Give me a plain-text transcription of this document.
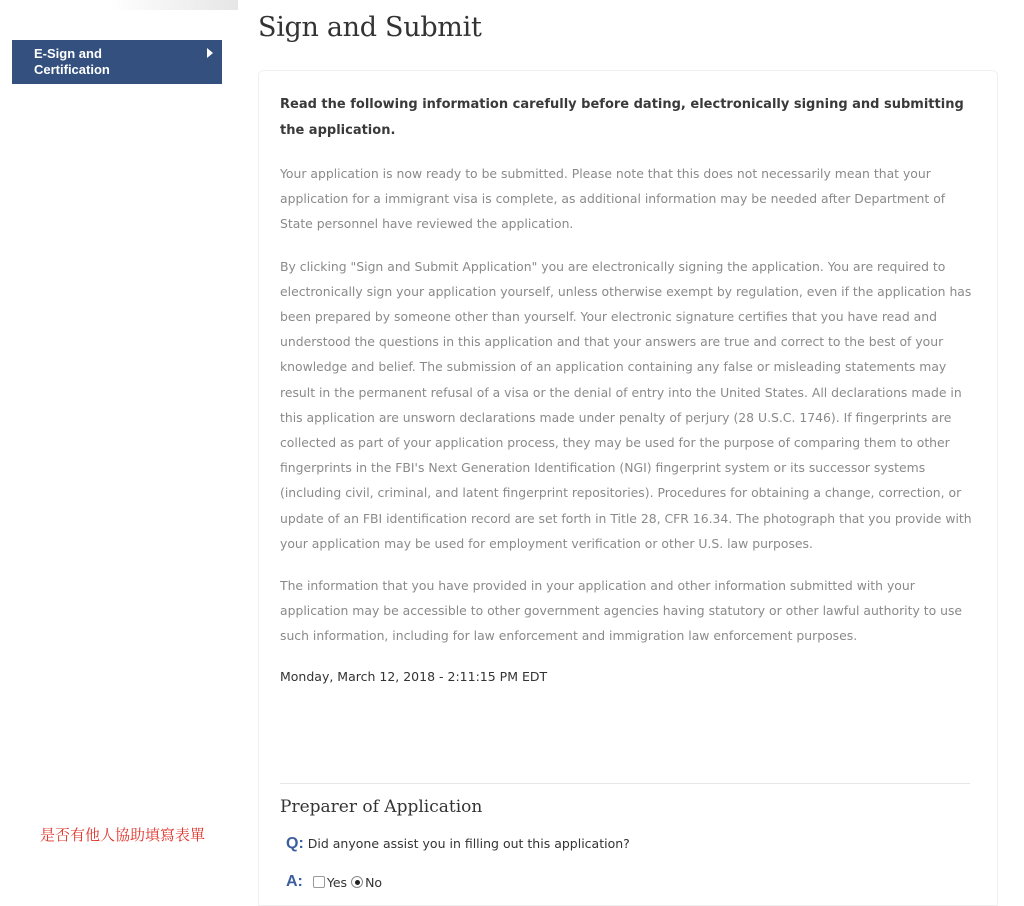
E-Sign and
Certification
Sign and Submit

Read the following information carefully before dating, electronically signing and submitting the application.

Your application is now ready to be submitted. Please note that this does not necessarily mean that your application for a immigrant visa is complete, as additional information may be needed after Department of State personnel have reviewed the application.

By clicking "Sign and Submit Application" you are electronically signing the application. You are required to electronically sign your application yourself, unless otherwise exempt by regulation, even if the application has been prepared by someone other than yourself. Your electronic signature certifies that you have read and understood the questions in this application and that your answers are true and correct to the best of your knowledge and belief. The submission of an application containing any false or misleading statements may result in the permanent refusal of a visa or the denial of entry into the United States. All declarations made in this application are unsworn declarations made under penalty of perjury (28 U.S.C. 1746). If fingerprints are collected as part of your application process, they may be used for the purpose of comparing them to other fingerprints in the FBI's Next Generation Identification (NGI) fingerprint system or its successor systems (including civil, criminal, and latent fingerprint repositories). Procedures for obtaining a change, correction, or update of an FBI identification record are set forth in Title 28, CFR 16.34. The photograph that you provide with your application may be used for employment verification or other U.S. law purposes.

The information that you have provided in your application and other information submitted with your application may be accessible to other government agencies having statutory or other lawful authority to use such information, including for law enforcement and immigration law enforcement purposes.

Monday, March 12, 2018 - 2:11:15 PM EDT

Preparer of Application
是否有他人協助填寫表單	Q: Did anyone assist you in filling out this application?
A: Yes No
